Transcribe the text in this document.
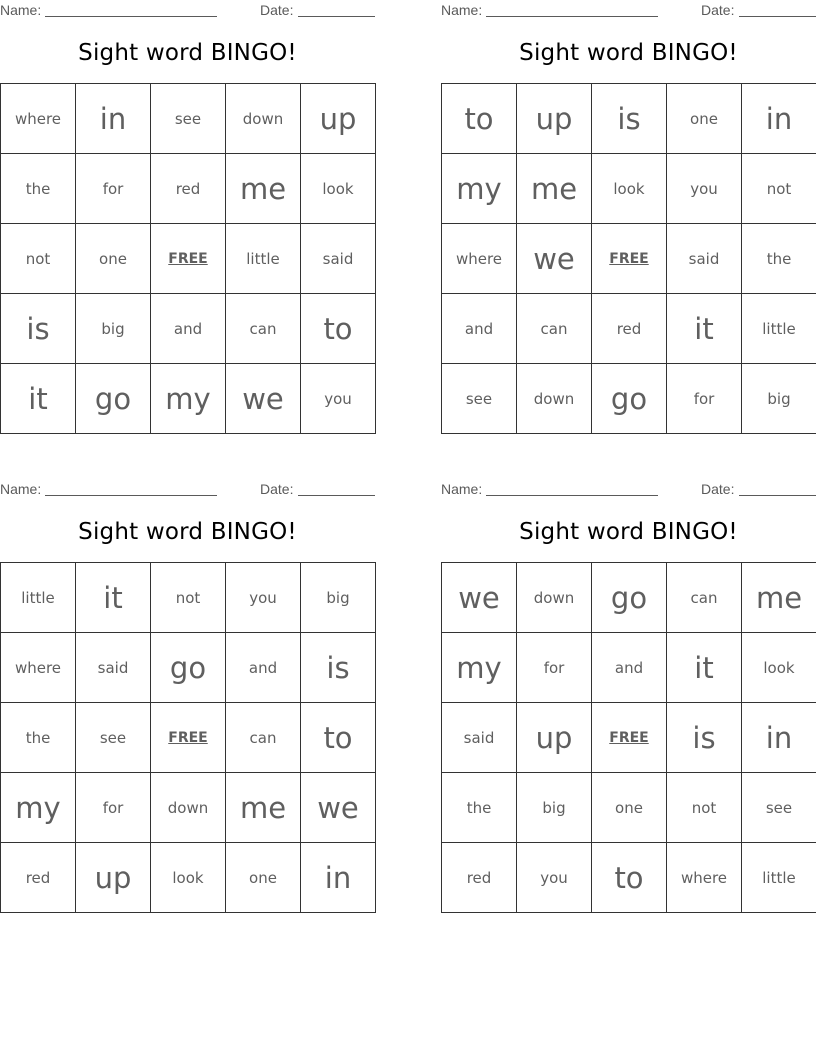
Name:	Date:
Sight word BINGO!
where	in	see	down	up
the	for	red	me	look
not	one	FREE	little	said
is	big	and	can	to
it	go	my	we	you
Name:	Date:
Sight word BINGO!
to	up	is	one	in
my	me	look	you	not
where	we	FREE	said	the
and	can	red	it	little
see	down	go	for	big
Name:	Date:
Sight word BINGO!
little	it	not	you	big
where	said	go	and	is
the	see	FREE	can	to
my	for	down	me	we
red	up	look	one	in
Name:	Date:
Sight word BINGO!
we	down	go	can	me
my	for	and	it	look
said	up	FREE	is	in
the	big	one	not	see
red	you	to	where	little
